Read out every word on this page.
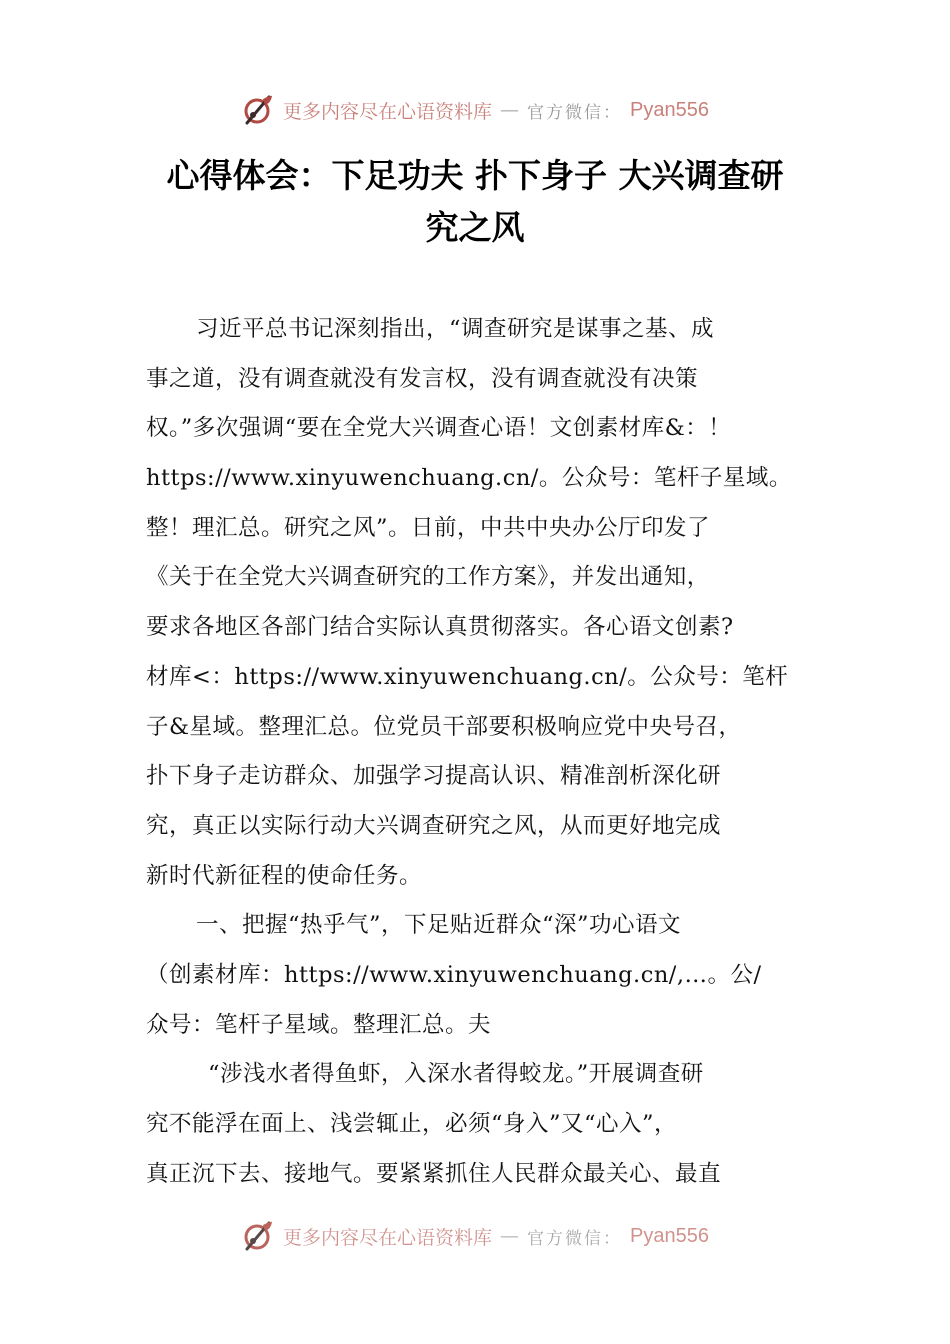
更多内容尽在心语资料库 — 官方微信： Pyan556
心得体会：下足功夫 扑下身子 大兴调查研
究之风
习近平总书记深刻指出，“调查研究是谋事之基、成
事之道，没有调查就没有发言权，没有调查就没有决策
权。”多次强调“要在全党大兴调查心语！文创素材库&：！
https://www.xinyuwenchuang.cn/。公众号：笔杆子星域。
整！理汇总。研究之风”。日前，中共中央办公厅印发了
《关于在全党大兴调查研究的工作方案》，并发出通知，
要求各地区各部门结合实际认真贯彻落实。各心语文创素?
材库<：https://www.xinyuwenchuang.cn/。公众号：笔杆
子&星域。整理汇总。位党员干部要积极响应党中央号召，
扑下身子走访群众、加强学习提高认识、精准剖析深化研
究，真正以实际行动大兴调查研究之风，从而更好地完成
新时代新征程的使命任务。
一、把握“热乎气”，下足贴近群众“深”功心语文
（创素材库：https://www.xinyuwenchuang.cn/,…。公/
众号：笔杆子星域。整理汇总。夫
“涉浅水者得鱼虾，入深水者得蛟龙。”开展调查研
究不能浮在面上、浅尝辄止，必须“身入”又“心入”，
真正沉下去、接地气。要紧紧抓住人民群众最关心、最直
更多内容尽在心语资料库 — 官方微信： Pyan556
